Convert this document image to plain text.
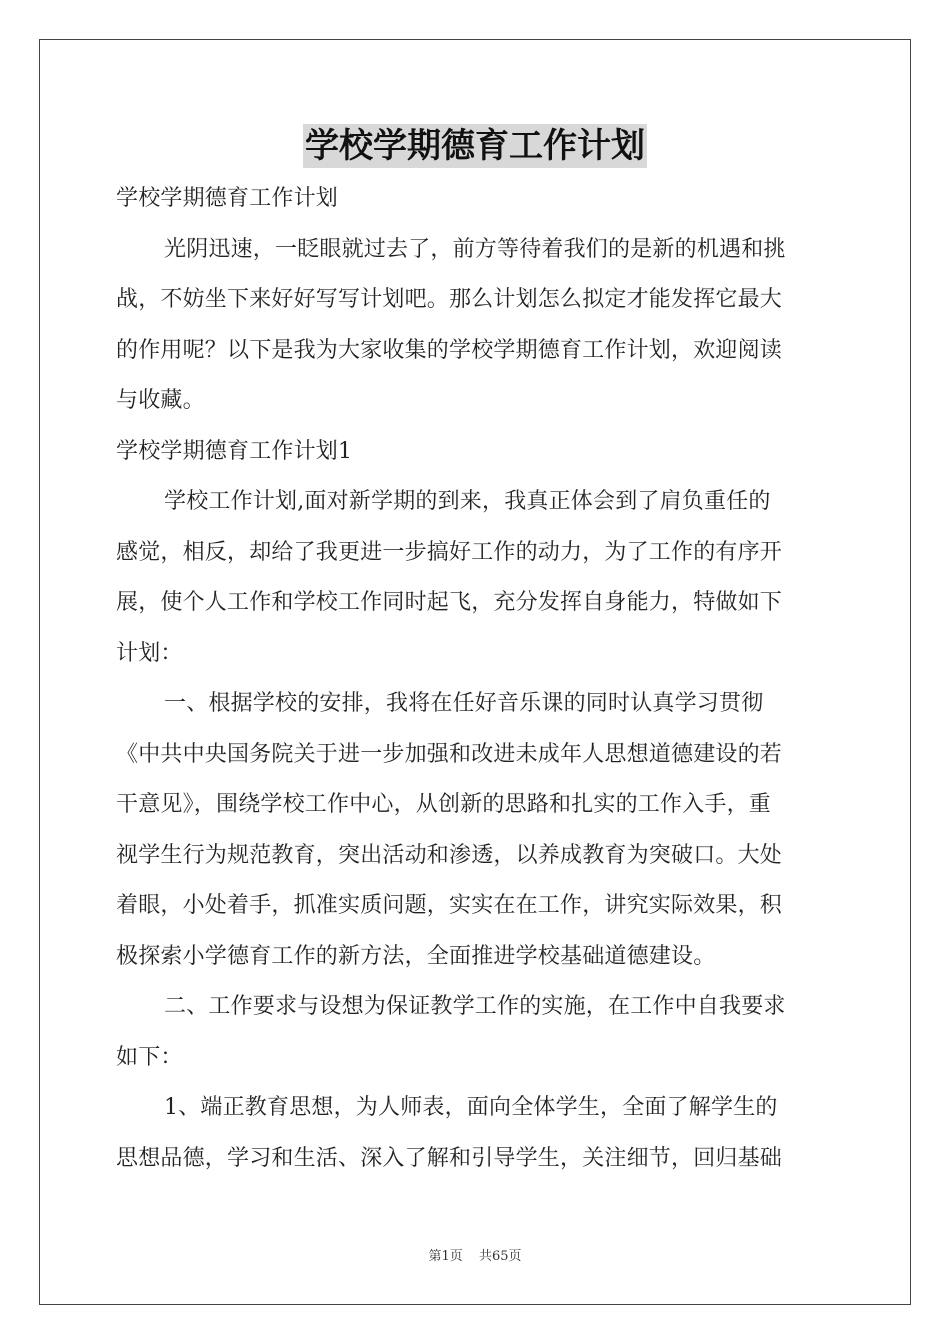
学校学期德育工作计划
学校学期德育工作计划
光阴迅速，一眨眼就过去了，前方等待着我们的是新的机遇和挑
战，不妨坐下来好好写写计划吧。那么计划怎么拟定才能发挥它最大
的作用呢？以下是我为大家收集的学校学期德育工作计划，欢迎阅读
与收藏。
学校学期德育工作计划1
学校工作计划,面对新学期的到来，我真正体会到了肩负重任的
感觉，相反，却给了我更进一步搞好工作的动力，为了工作的有序开
展，使个人工作和学校工作同时起飞，充分发挥自身能力，特做如下
计划：
一、根据学校的安排，我将在任好音乐课的同时认真学习贯彻
《中共中央国务院关于进一步加强和改进未成年人思想道德建设的若
干意见》，围绕学校工作中心，从创新的思路和扎实的工作入手，重
视学生行为规范教育，突出活动和渗透，以养成教育为突破口。大处
着眼，小处着手，抓准实质问题，实实在在工作，讲究实际效果，积
极探索小学德育工作的新方法，全面推进学校基础道德建设。
二、工作要求与设想为保证教学工作的实施，在工作中自我要求
如下：
1、端正教育思想，为人师表，面向全体学生，全面了解学生的
思想品德，学习和生活、深入了解和引导学生，关注细节，回归基础
第1页 共65页
